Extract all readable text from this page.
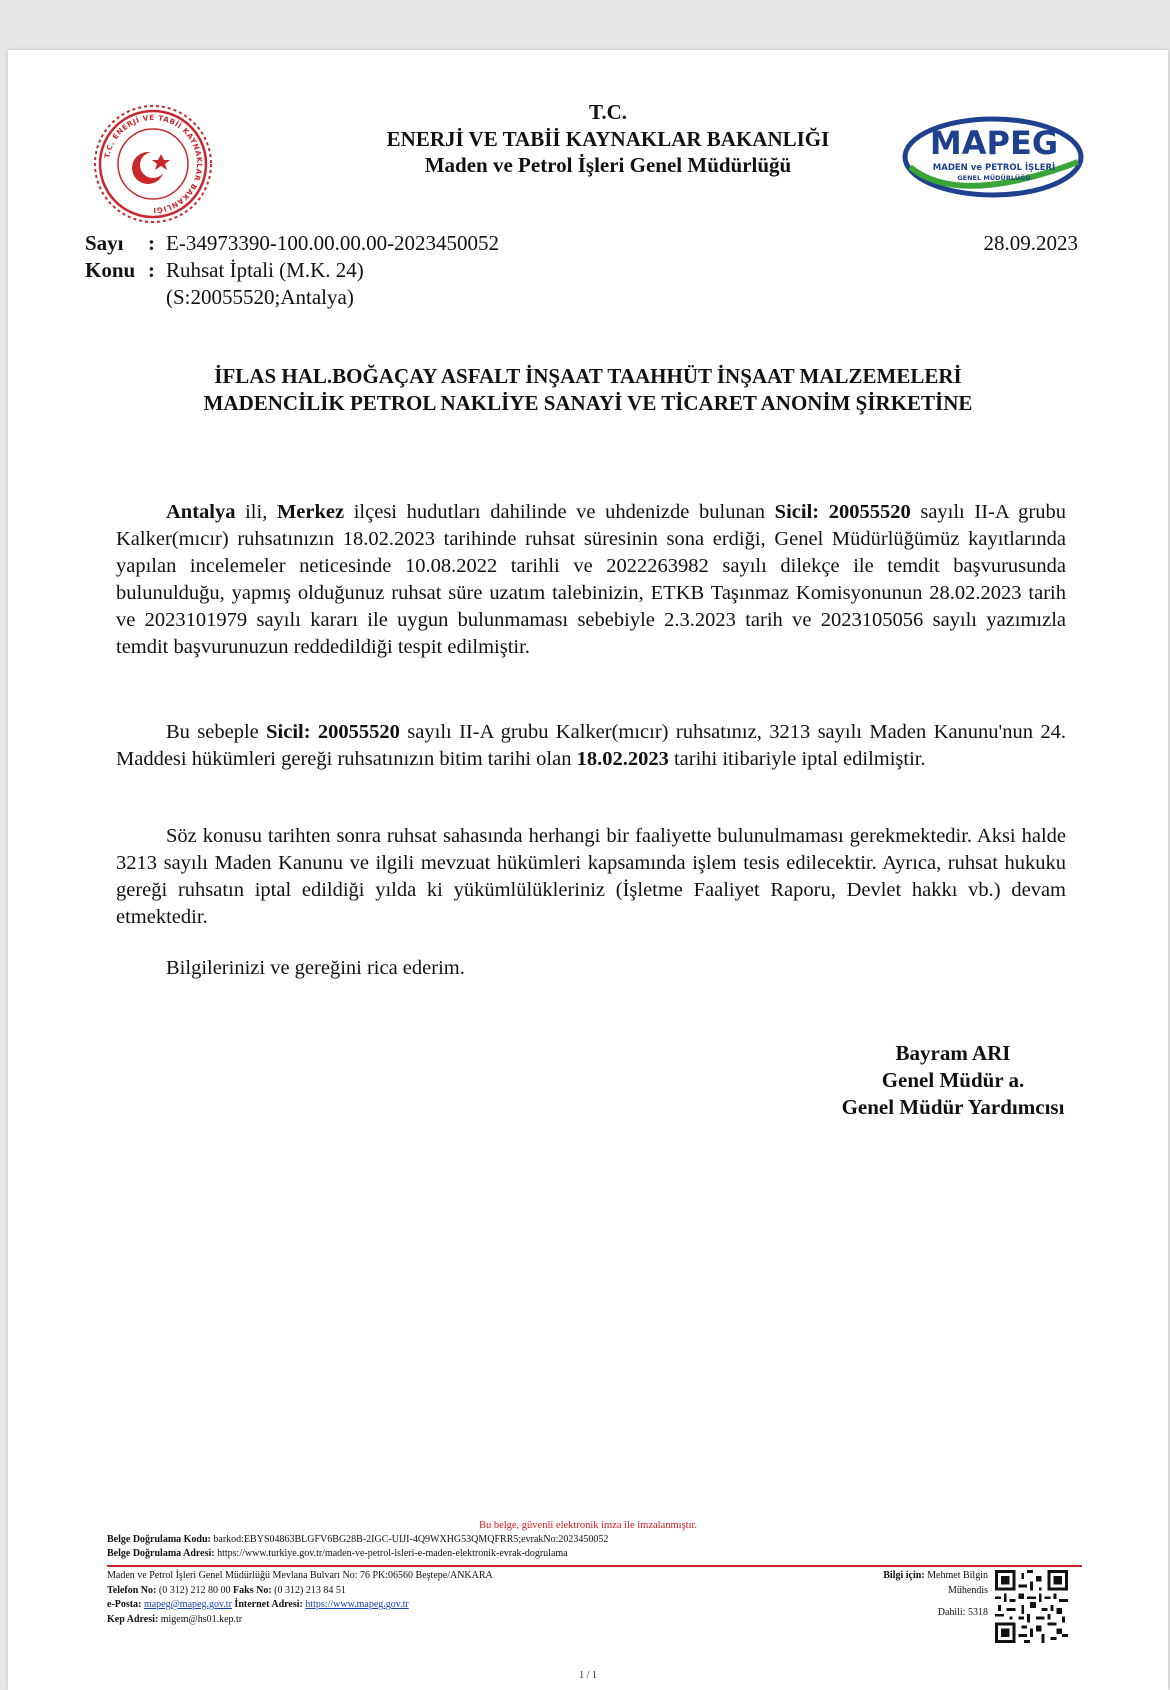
T.C. ENERJİ VE TABİİ KAYNAKLAR BAKANLIĞI
T.C.
ENERJİ VE TABİİ KAYNAKLAR BAKANLIĞI
Maden ve Petrol İşleri Genel Müdürlüğü
MAPEG
MADEN ve PETROL İŞLERİ
GENEL MÜDÜRLÜĞÜ
Sayı : E-34973390-100.00.00.00-2023450052	28.09.2023
Konu : Ruhsat İptali (M.K. 24)
(S:20055520;Antalya)
İFLAS HAL.BOĞAÇAY ASFALT İNŞAAT TAAHHÜT İNŞAAT MALZEMELERİ
MADENCİLİK PETROL NAKLİYE SANAYİ VE TİCARET ANONİM ŞİRKETİNE

Antalya ili, Merkez ilçesi hudutları dahilinde ve uhdenizde bulunan Sicil: 20055520 sayılı II-A grubu Kalker(mıcır) ruhsatınızın 18.02.2023 tarihinde ruhsat süresinin sona erdiği, Genel Müdürlüğümüz kayıtlarında yapılan incelemeler neticesinde 10.08.2022 tarihli ve 2022263982 sayılı dilekçe ile temdit başvurusunda bulunulduğu, yapmış olduğunuz ruhsat süre uzatım talebinizin, ETKB Taşınmaz Komisyonunun 28.02.2023 tarih ve 2023101979 sayılı kararı ile uygun bulunmaması sebebiyle 2.3.2023 tarih ve 2023105056 sayılı yazımızla temdit başvurunuzun reddedildiği tespit edilmiştir.

Bu sebeple Sicil: 20055520 sayılı II-A grubu Kalker(mıcır) ruhsatınız, 3213 sayılı Maden Kanunu'nun 24. Maddesi hükümleri gereği ruhsatınızın bitim tarihi olan 18.02.2023 tarihi itibariyle iptal edilmiştir.

Söz konusu tarihten sonra ruhsat sahasında herhangi bir faaliyette bulunulmaması gerekmektedir. Aksi halde 3213 sayılı Maden Kanunu ve ilgili mevzuat hükümleri kapsamında işlem tesis edilecektir. Ayrıca, ruhsat hukuku gereği ruhsatın iptal edildiği yılda ki yükümlülükleriniz (İşletme Faaliyet Raporu, Devlet hakkı vb.) devam etmektedir.

Bilgilerinizi ve gereğini rica ederim.

Bayram ARI
Genel Müdür a.
Genel Müdür Yardımcısı
Bu belge, güvenli elektronik imza ile imzalanmıştır.
Belge Doğrulama Kodu: barkod:EBYS04863BLGFV6BG28B-2IGC-UIJI-4Q9WXHG53QMQFRR5;evrakNo:2023450052
Belge Doğrulama Adresi: https://www.turkiye.gov.tr/maden-ve-petrol-isleri-e-maden-elektronik-evrak-dogrulama
Maden ve Petrol İşleri Genel Müdürlüğü Mevlana Bulvarı No: 76 PK:06560 Beştepe/ANKARA
Telefon No: (0 312) 212 80 00 Faks No: (0 312) 213 84 51
e-Posta: mapeg@mapeg.gov.tr İnternet Adresi: https://www.mapeg.gov.tr
Kep Adresi: migem@hs01.kep.tr
Bilgi için: Mehmet Bilgin
Mühendis
Dahili: 5318
1 / 1
